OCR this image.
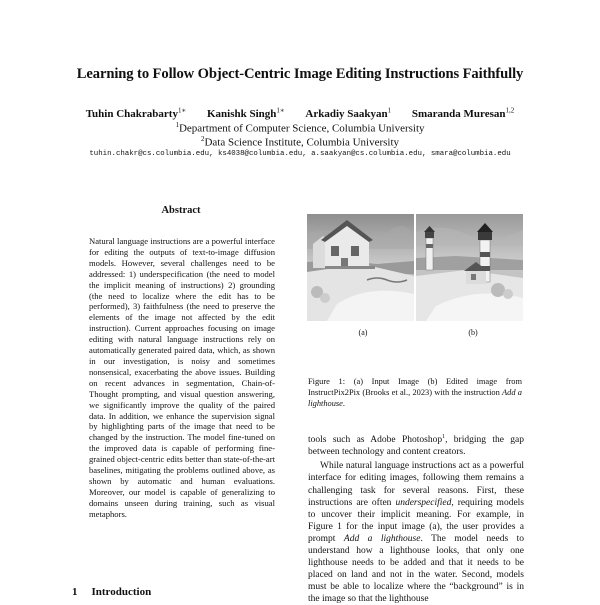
Learning to Follow Object-Centric Image Editing Instructions Faithfully
Tuhin Chakrabarty$^{1∗}$ Kanishk Singh$^{1∗}$ Arkadiy Saakyan$^1$ Smaranda Muresan$^{1,2}$
$^1$Department of Computer Science, Columbia University
$^2$Data Science Institute, Columbia University
tuhin.chakr@cs.columbia.edu, ks4038@columbia.edu, a.saakyan@cs.columbia.edu, smara@columbia.edu
Abstract

Natural language instructions are a powerful interface for editing the outputs of text-to-image diffusion models. However, several challenges need to be addressed: 1) underspecification (the need to model the implicit meaning of instructions) 2) grounding (the need to localize where the edit has to be performed), 3) faithfulness (the need to preserve the elements of the image not affected by the edit instruction). Current approaches focusing on image editing with natural language instructions rely on automatically generated paired data, which, as shown in our investigation, is noisy and sometimes nonsensical, exacerbating the above issues. Building on recent advances in segmentation, Chain-of-Thought prompting, and visual question answering, we significantly improve the quality of the paired data. In addition, we enhance the supervision signal by highlighting parts of the image that need to be changed by the instruction. The model fine-tuned on the improved data is capable of performing fine-grained object-centric edits better than state-of-the-art baselines, mitigating the problems outlined above, as shown by automatic and human evaluations. Moreover, our model is capable of generalizing to domains unseen during training, such as visual metaphors.

1 Introduction
(a)	(b)

Figure 1: (a) Input Image (b) Edited image from InstructPix2Pix (Brooks et al., 2023) with the instruction Add a lighthouse.

tools such as Adobe Photoshop$^1$, bridging the gap between technology and content creators.

While natural language instructions act as a powerful interface for editing images, following them remains a challenging task for several reasons. First, these instructions are often underspecified, requiring models to uncover their implicit meaning. For example, in Figure 1 for the input image (a), the user provides a prompt Add a lighthouse. The model needs to understand how a lighthouse looks, that only one lighthouse needs to be added and that it needs to be placed on land and not in the water. Second, models must be able to localize where the “background” is in the image so that the lighthouse
